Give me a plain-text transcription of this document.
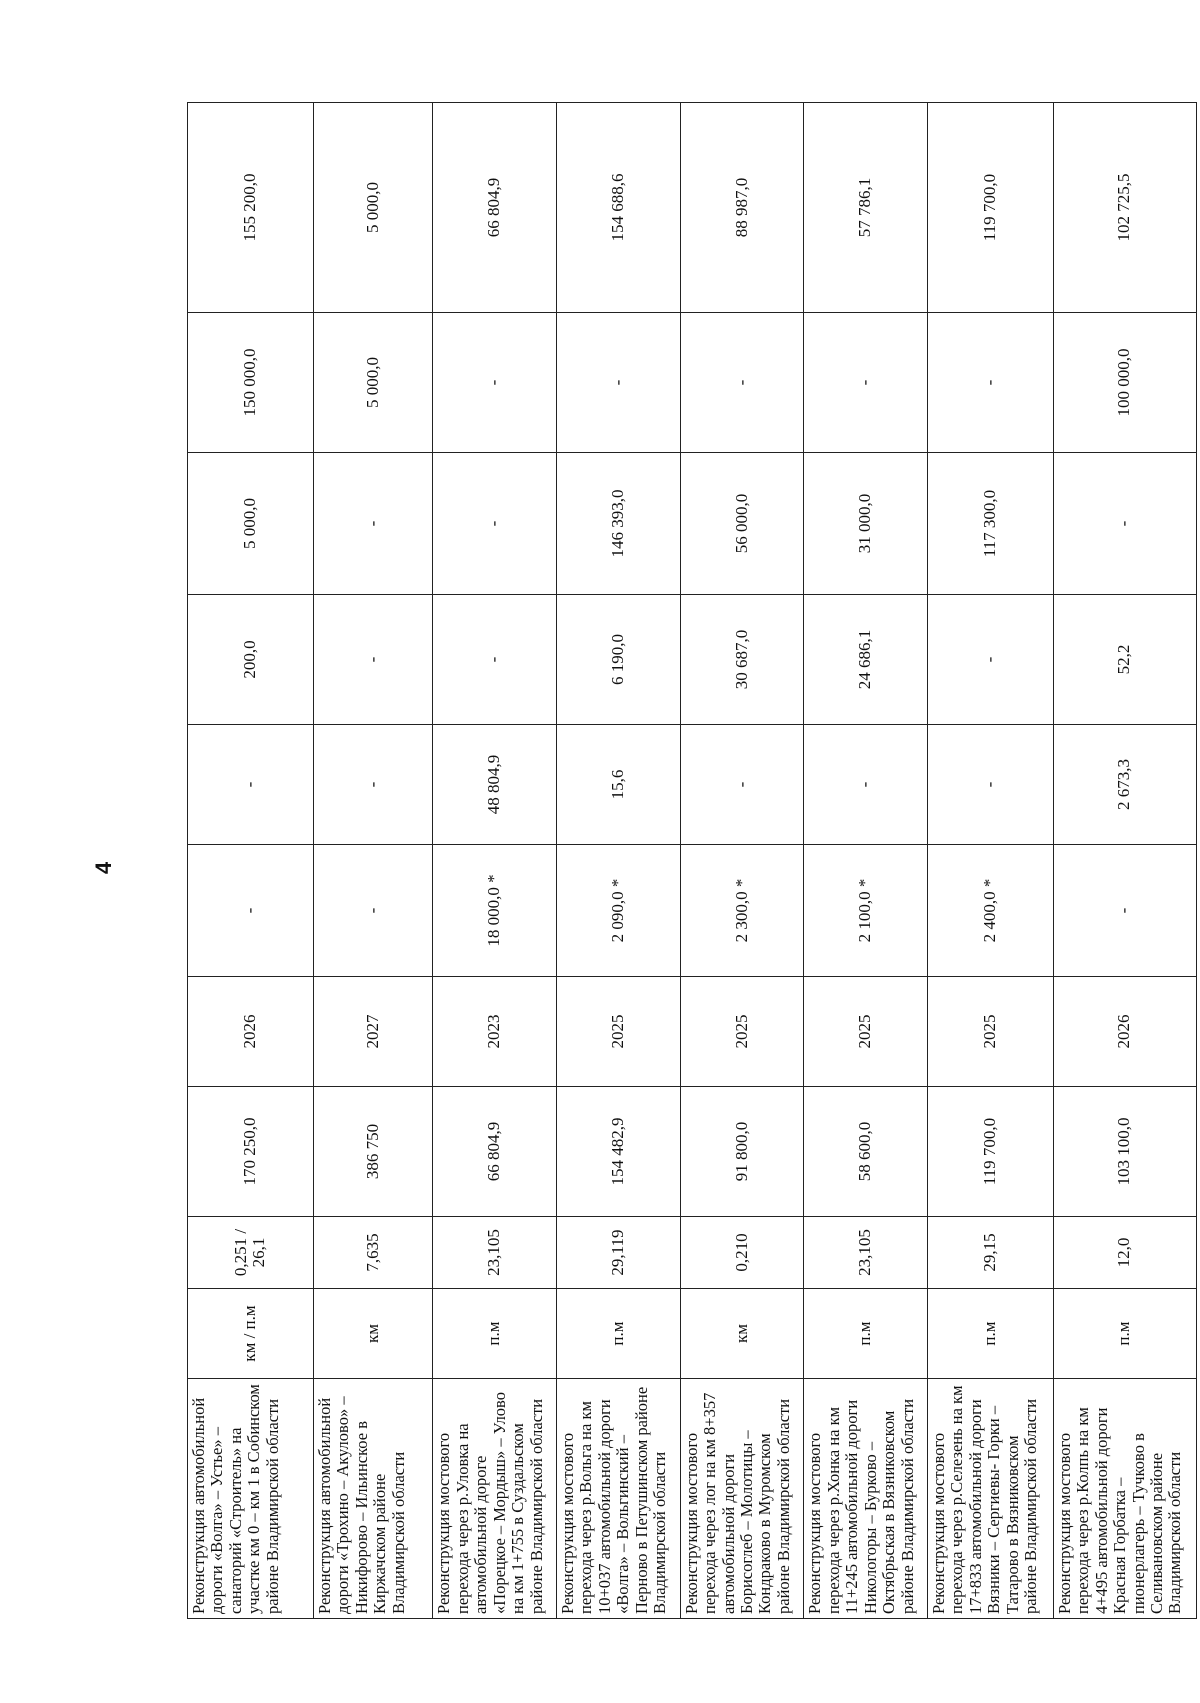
4
Реконструкция автомобильной дороги «Волга» – Устье» – санаторий «Строитель» на участке км 0 – км 1 в Собинском районе Владимирской области	км / п.м	0,251 / 26,1	170 250,0	2026	-	-	200,0	5 000,0	150 000,0	155 200,0
Реконструкция автомобильной дороги «Трохино – Акулово» – Никифорово – Ильинское в Киржачском районе Владимирской области	км	7,635	386 750	2027	-	-	-	-	5 000,0	5 000,0
Реконструкция мостового перехода через р.Уловка на автомобильной дороге «Порецкое – Мордыш» – Улово на км 1+755 в Суздальском районе Владимирской области	п.м	23,105	66 804,9	2023	18 000,0 *	48 804,9	-	-	-	66 804,9
Реконструкция мостового перехода через р.Вольга на км 10+037 автомобильной дороги «Волга» – Вольгинский – Перново в Петушинском районе Владимирской области	п.м	29,119	154 482,9	2025	2 090,0 *	15,6	6 190,0	146 393,0	-	154 688,6
Реконструкция мостового перехода через лог на км 8+357 автомобильной дороги Борисоглеб – Молотицы – Кондраково в Муромском районе Владимирской области	км	0,210	91 800,0	2025	2 300,0 *	-	30 687,0	56 000,0	-	88 987,0
Реконструкция мостового перехода через р.Хонка на км 11+245 автомобильной дороги Никологоры – Бурково – Октябрьская в Вязниковском районе Владимирской области	п.м	23,105	58 600,0	2025	2 100,0 *	-	24 686,1	31 000,0	-	57 786,1
Реконструкция мостового перехода через р.Селезень на км 17+833 автомобильной дороги Вязники – Сергиевы- Горки – Татарово в Вязниковском районе Владимирской области	п.м	29,15	119 700,0	2025	2 400,0 *	-	-	117 300,0	-	119 700,0
Реконструкция мостового перехода через р.Колпь на км 4+495 автомобильной дороги Красная Горбатка – пионерлагерь – Тучково в Селивановском районе Владимирской области	п.м	12,0	103 100,0	2026	-	2 673,3	52,2	-	100 000,0	102 725,5
